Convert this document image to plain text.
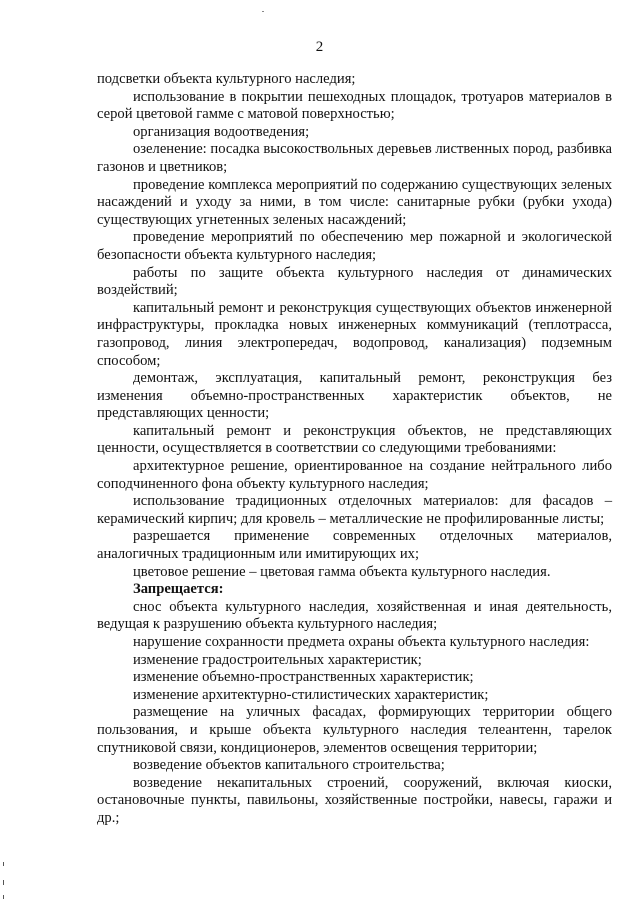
2

подсветки объекта культурного наследия;

использование в покрытии пешеходных площадок, тротуаров материалов в серой цветовой гамме с матовой поверхностью;

организация водоотведения;

озеленение: посадка высокоствольных деревьев лиственных пород, разбивка газонов и цветников;

проведение комплекса мероприятий по содержанию существующих зеленых насаждений и уходу за ними, в том числе: санитарные рубки (рубки ухода) существующих угнетенных зеленых насаждений;

проведение мероприятий по обеспечению мер пожарной и экологической безопасности объекта культурного наследия;

работы по защите объекта культурного наследия от динамических воздействий;

капитальный ремонт и реконструкция существующих объектов инженерной инфраструктуры, прокладка новых инженерных коммуникаций (теплотрасса, газопровод, линия электропередач, водопровод, канализация) подземным способом;

демонтаж, эксплуатация, капитальный ремонт, реконструкция без изменения объемно-пространственных характеристик объектов, не представляющих ценности;

капитальный ремонт и реконструкция объектов, не представляющих ценности, осуществляется в соответствии со следующими требованиями:

архитектурное решение, ориентированное на создание нейтрального либо соподчиненного фона объекту культурного наследия;

использование традиционных отделочных материалов: для фасадов – керамический кирпич; для кровель – металлические не профилированные листы;

разрешается применение современных отделочных материалов, аналогичных традиционным или имитирующих их;

цветовое решение – цветовая гамма объекта культурного наследия.

Запрещается:

снос объекта культурного наследия, хозяйственная и иная деятельность, ведущая к разрушению объекта культурного наследия;

нарушение сохранности предмета охраны объекта культурного наследия:

изменение градостроительных характеристик;

изменение объемно-пространственных характеристик;

изменение архитектурно-стилистических характеристик;

размещение на уличных фасадах, формирующих территории общего пользования, и крыше объекта культурного наследия телеантенн, тарелок спутниковой связи, кондиционеров, элементов освещения территории;

возведение объектов капитального строительства;

возведение некапитальных строений, сооружений, включая киоски, остановочные пункты, павильоны, хозяйственные постройки, навесы, гаражи и др.;
